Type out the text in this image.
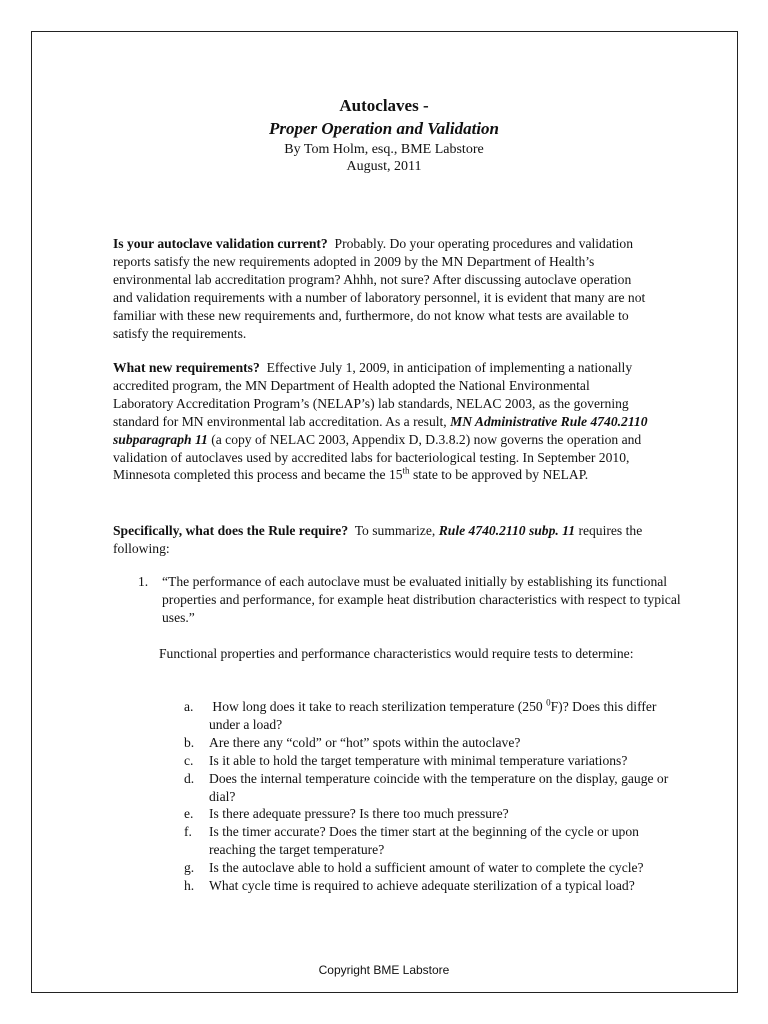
Autoclaves -
Proper Operation and Validation
By Tom Holm, esq., BME Labstore
August, 2011

Is your autoclave validation current? Probably. Do your operating procedures and validation reports satisfy the new requirements adopted in 2009 by the MN Department of Health’s environmental lab accreditation program? Ahhh, not sure? After discussing autoclave operation and validation requirements with a number of laboratory personnel, it is evident that many are not familiar with these new requirements and, furthermore, do not know what tests are available to satisfy the requirements.

What new requirements? Effective July 1, 2009, in anticipation of implementing a nationally accredited program, the MN Department of Health adopted the National Environmental Laboratory Accreditation Program’s (NELAP’s) lab standards, NELAC 2003, as the governing standard for MN environmental lab accreditation. As a result, MN Administrative Rule 4740.2110 subparagraph 11 (a copy of NELAC 2003, Appendix D, D.3.8.2) now governs the operation and validation of autoclaves used by accredited labs for bacteriological testing. In September 2010, Minnesota completed this process and became the 15th state to be approved by NELAP.

Specifically, what does the Rule require? To summarize, Rule 4740.2110 subp. 11 requires the following:

1. “The performance of each autoclave must be evaluated initially by establishing its functional properties and performance, for example heat distribution characteristics with respect to typical uses.”

Functional properties and performance characteristics would require tests to determine:

a. How long does it take to reach sterilization temperature (250 $^0$F)? Does this differ under a load?
b. Are there any “cold” or “hot” spots within the autoclave?
c. Is it able to hold the target temperature with minimal temperature variations?
d. Does the internal temperature coincide with the temperature on the display, gauge or dial?
e. Is there adequate pressure? Is there too much pressure?
f. Is the timer accurate? Does the timer start at the beginning of the cycle or upon reaching the target temperature?
g. Is the autoclave able to hold a sufficient amount of water to complete the cycle?
h. What cycle time is required to achieve adequate sterilization of a typical load?
Copyright BME Labstore
